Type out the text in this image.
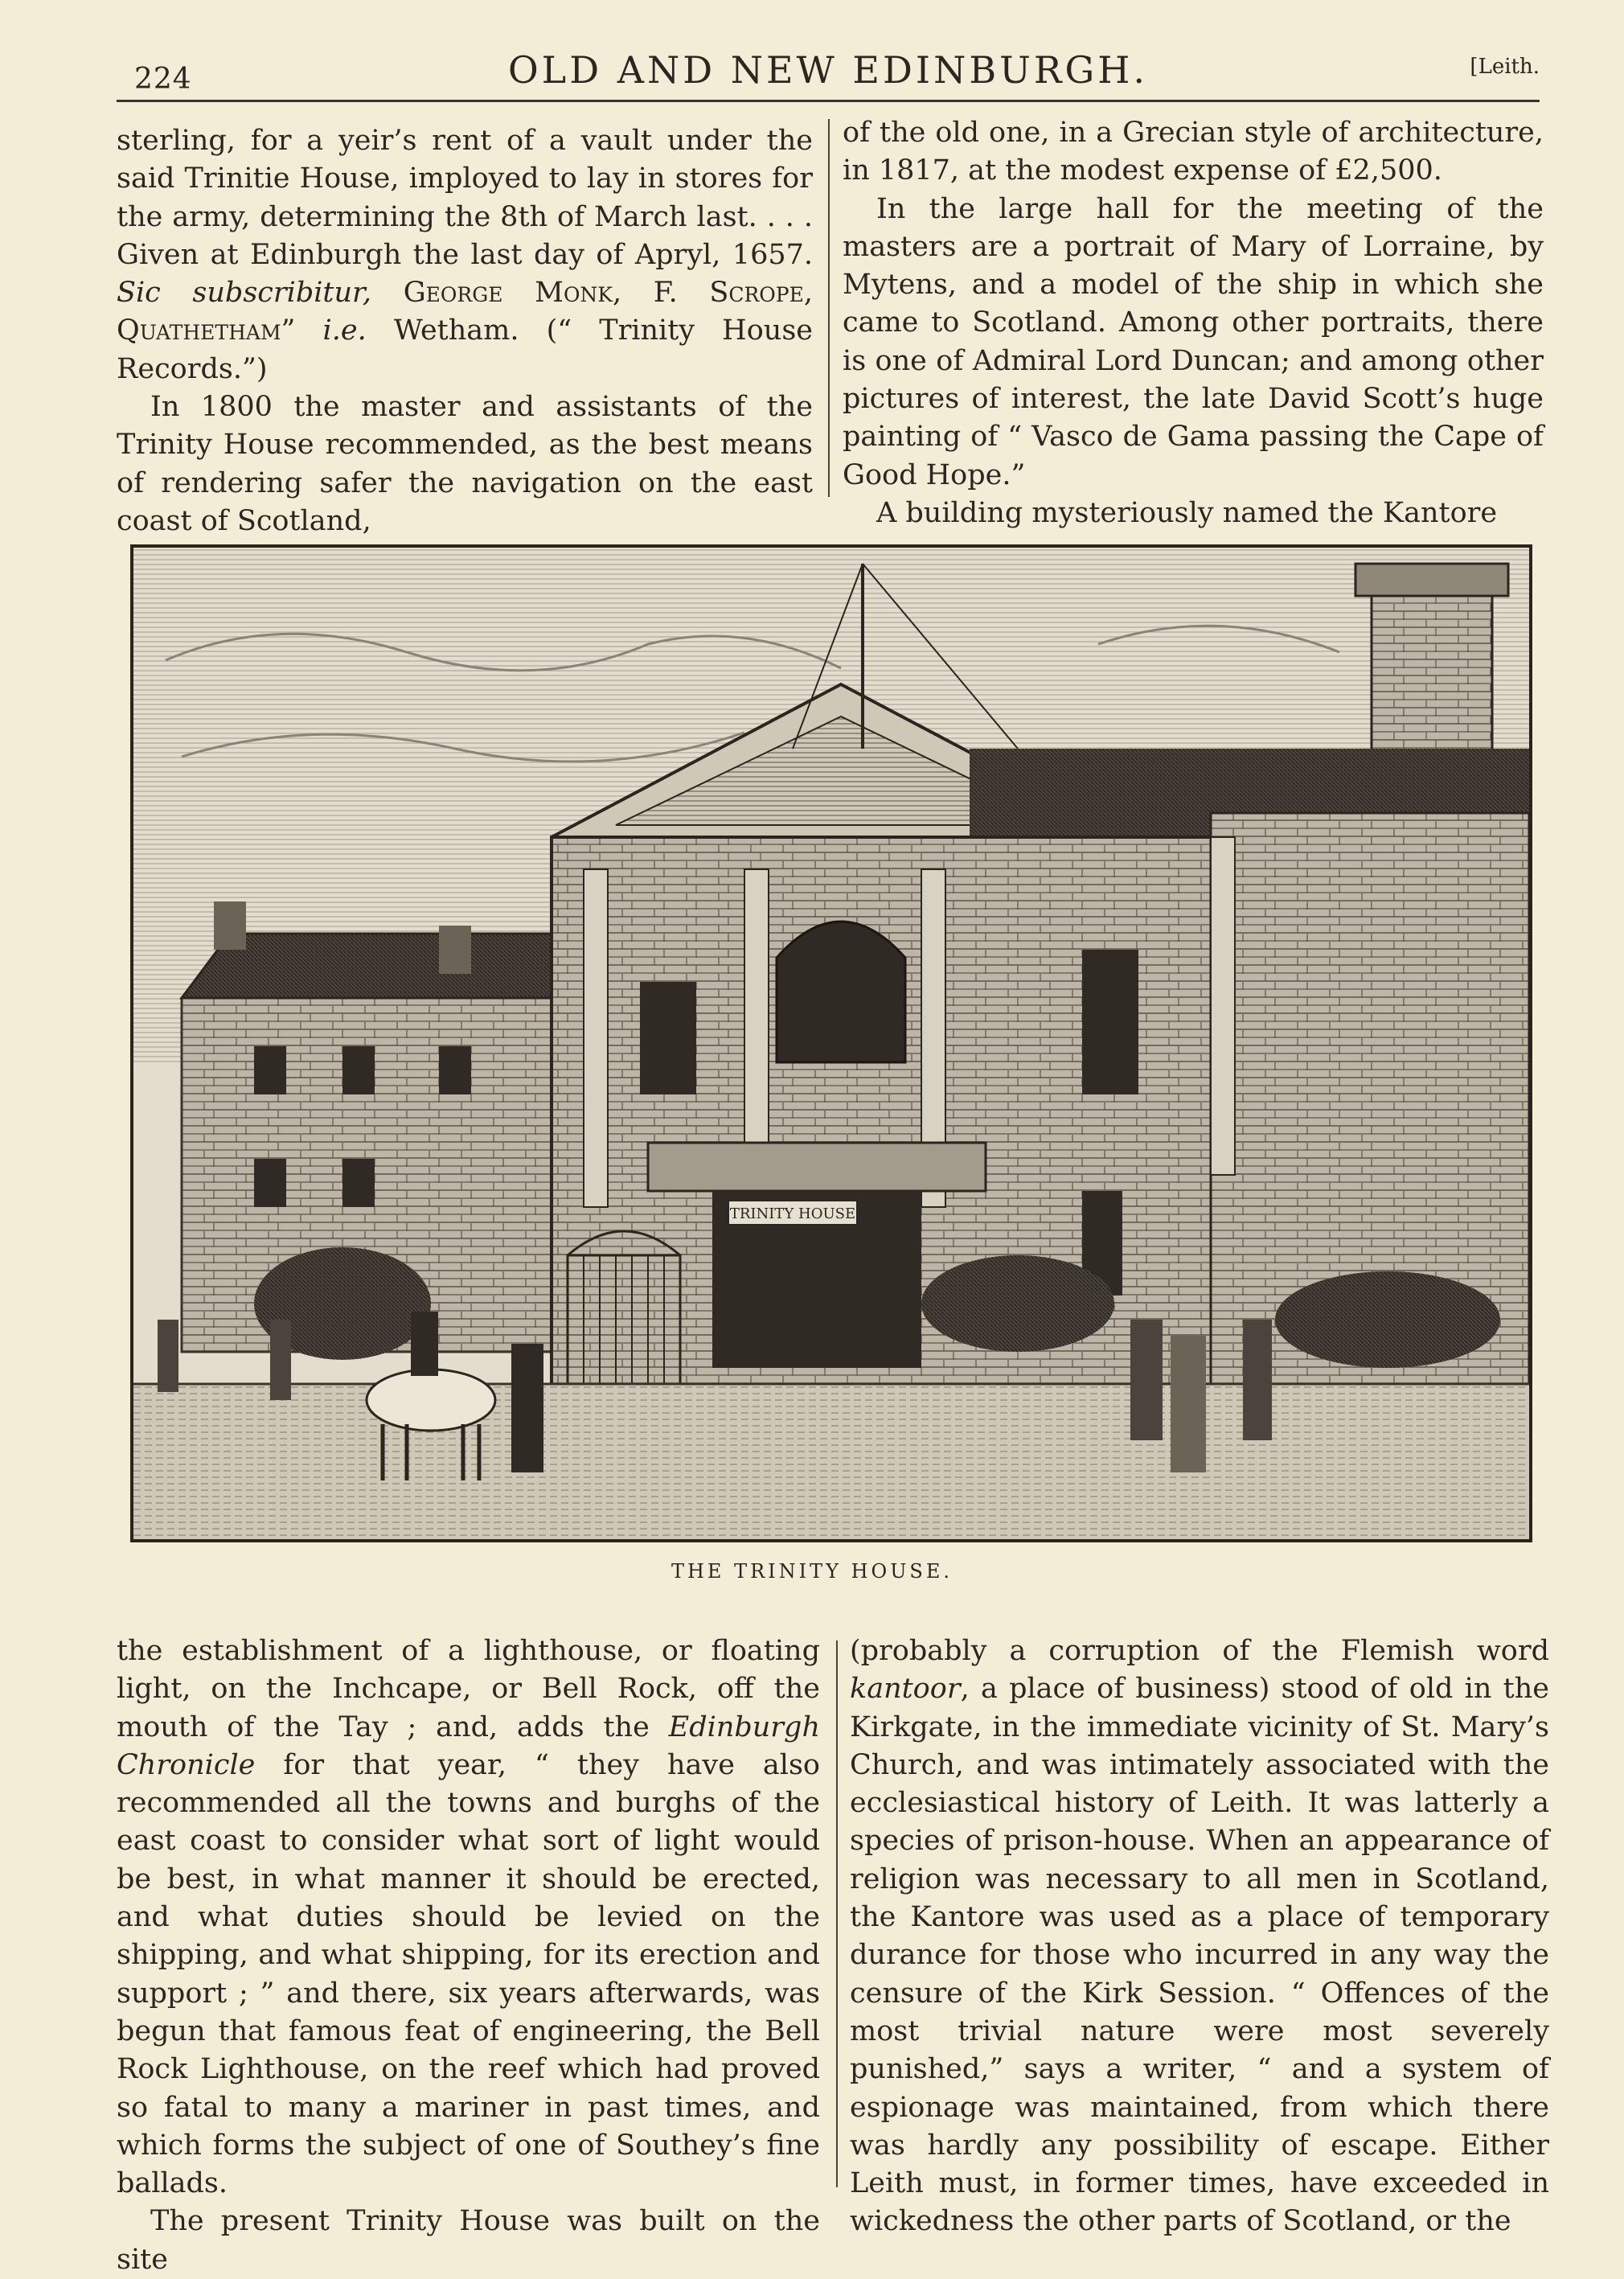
224	OLD AND NEW EDINBURGH.	[Leith.

sterling, for a yeir’s rent of a vault under the said Trinitie House, imployed to lay in stores for the army, determining the 8th of March last. . . . Given at Edinburgh the last day of Apryl, 1657. Sic subscribitur, George Monk, F. Scrope, Quathetham” i.e. Wetham. (“ Trinity House Records.”)

In 1800 the master and assistants of the Trinity House recommended, as the best means of rendering safer the navigation on the east coast of Scotland,

of the old one, in a Grecian style of architecture, in 1817, at the modest expense of £2,500.

In the large hall for the meeting of the masters are a portrait of Mary of Lorraine, by Mytens, and a model of the ship in which she came to Scotland. Among other portraits, there is one of Admiral Lord Duncan; and among other pictures of interest, the late David Scott’s huge painting of “ Vasco de Gama passing the Cape of Good Hope.”

A building mysteriously named the Kantore

TRINITY HOUSE
THE TRINITY HOUSE.

the establishment of a lighthouse, or floating light, on the Inchcape, or Bell Rock, off the mouth of the Tay ; and, adds the Edinburgh Chronicle for that year, “ they have also recommended all the towns and burghs of the east coast to consider what sort of light would be best, in what manner it should be erected, and what duties should be levied on the shipping, and what shipping, for its erection and support ; ” and there, six years afterwards, was begun that famous feat of engineering, the Bell Rock Lighthouse, on the reef which had proved so fatal to many a mariner in past times, and which forms the subject of one of Southey’s fine ballads.

The present Trinity House was built on the site

(probably a corruption of the Flemish word kantoor, a place of business) stood of old in the Kirkgate, in the immediate vicinity of St. Mary’s Church, and was intimately associated with the ecclesiastical history of Leith. It was latterly a species of prison-house. When an appearance of religion was necessary to all men in Scotland, the Kantore was used as a place of temporary durance for those who incurred in any way the censure of the Kirk Session. “ Offences of the most trivial nature were most severely punished,” says a writer, “ and a system of espionage was maintained, from which there was hardly any possibility of escape. Either Leith must, in former times, have exceeded in wickedness the other parts of Scotland, or the
